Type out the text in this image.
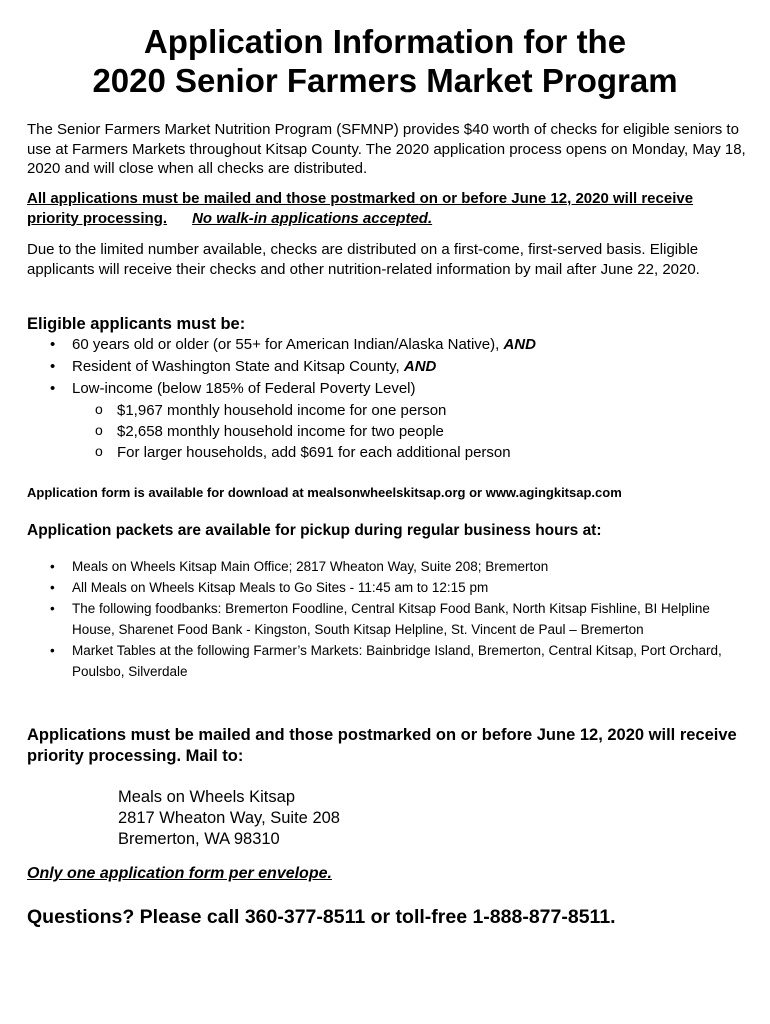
Application Information for the
2020 Senior Farmers Market Program
The Senior Farmers Market Nutrition Program (SFMNP) provides $40 worth of checks for eligible seniors to use at Farmers Markets throughout Kitsap County. The 2020 application process opens on Monday, May 18, 2020 and will close when all checks are distributed.
All applications must be mailed and those postmarked on or before June 12, 2020 will receive priority processing. No walk-in applications accepted.
Due to the limited number available, checks are distributed on a first-come, first-served basis. Eligible applicants will receive their checks and other nutrition-related information by mail after June 22, 2020.
Eligible applicants must be:
• 60 years old or older (or 55+ for American Indian/Alaska Native), AND
• Resident of Washington State and Kitsap County, AND
• Low-income (below 185% of Federal Poverty Level)
o $1,967 monthly household income for one person
o $2,658 monthly household income for two people
o For larger households, add $691 for each additional person
Application form is available for download at mealsonwheelskitsap.org or www.agingkitsap.com
Application packets are available for pickup during regular business hours at:
• Meals on Wheels Kitsap Main Office; 2817 Wheaton Way, Suite 208; Bremerton
• All Meals on Wheels Kitsap Meals to Go Sites - 11:45 am to 12:15 pm
• The following foodbanks: Bremerton Foodline, Central Kitsap Food Bank, North Kitsap Fishline, BI Helpline House, Sharenet Food Bank - Kingston, South Kitsap Helpline, St. Vincent de Paul – Bremerton
• Market Tables at the following Farmer’s Markets: Bainbridge Island, Bremerton, Central Kitsap, Port Orchard, Poulsbo, Silverdale
Applications must be mailed and those postmarked on or before June 12, 2020 will receive priority processing. Mail to:
Meals on Wheels Kitsap
2817 Wheaton Way, Suite 208
Bremerton, WA 98310
Only one application form per envelope.
Questions? Please call 360-377-8511 or toll-free 1-888-877-8511.
